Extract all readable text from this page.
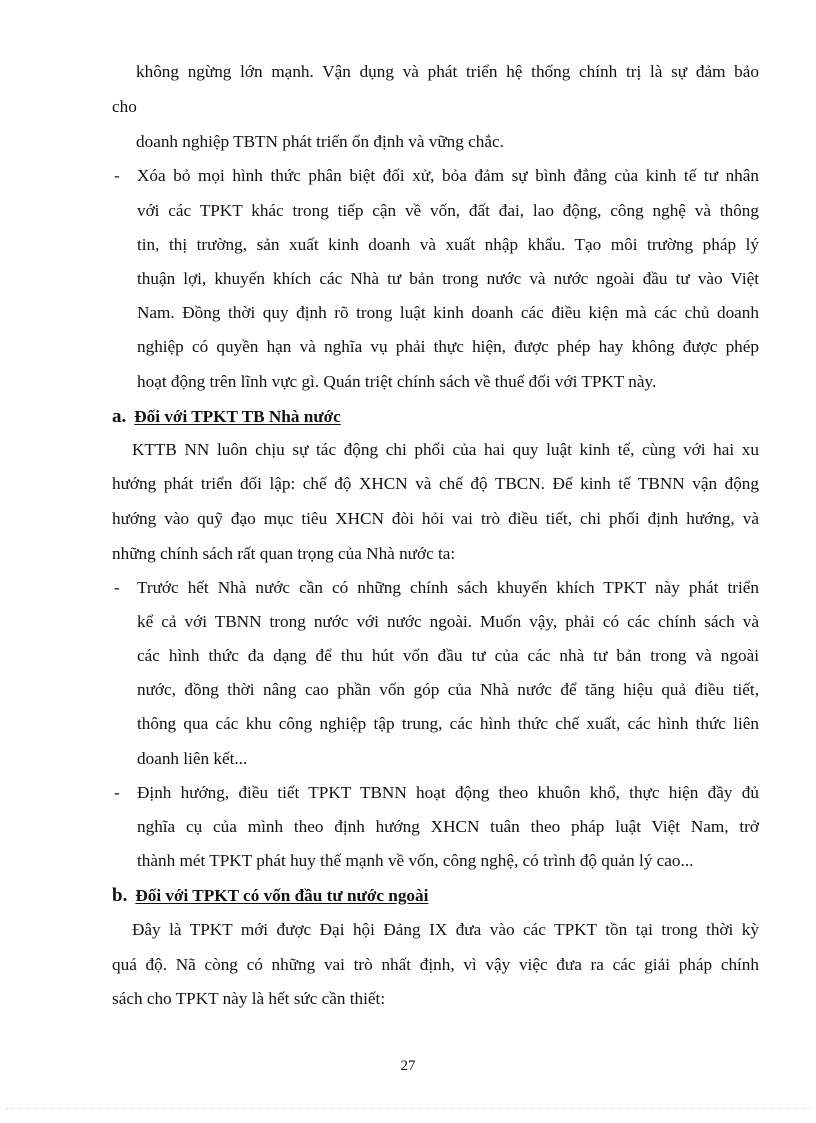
không ngừng lớn mạnh. Vận dụng và phát triển hệ thống chính trị là sự đảm bảo
cho
doanh nghiệp TBTN phát triển ổn định và vững chắc.
- Xóa bỏ mọi hình thức phân biệt đối xử, bỏa đảm sự bình đẳng của kinh tế tư nhân
với các TPKT khác trong tiếp cận về vốn, đất đai, lao động, công nghệ và thông
tin, thị trường, sản xuất kinh doanh và xuất nhập khẩu. Tạo môi trường pháp lý
thuận lợi, khuyến khích các Nhà tư bản trong nước và nước ngoài đầu tư vào Việt
Nam. Đồng thời quy định rõ trong luật kinh doanh các điều kiện mà các chủ doanh
nghiệp có quyền hạn và nghĩa vụ phải thực hiện, được phép hay không được phép
hoạt động trên lĩnh vực gì. Quán triệt chính sách về thuế đối với TPKT này.
a. Đối với TPKT TB Nhà nước
KTTB NN luôn chịu sự tác động chi phối của hai quy luật kinh tế, cùng với hai xu
hướng phát triển đối lập: chế độ XHCN và chế độ TBCN. Để kinh tế TBNN vận động
hướng vào quỹ đạo mục tiêu XHCN đòi hỏi vai trò điều tiết, chi phối định hướng, và
những chính sách rất quan trọng của Nhà nước ta:
- Trước hết Nhà nước cần có những chính sách khuyến khích TPKT này phát triển
kể cả với TBNN trong nước với nước ngoài. Muốn vậy, phải có các chính sách và
các hình thức đa dạng để thu hút vốn đầu tư của các nhà tư bản trong và ngoài
nước, đồng thời nâng cao phần vốn góp của Nhà nước để tăng hiệu quả điều tiết,
thông qua các khu công nghiệp tập trung, các hình thức chế xuất, các hình thức liên
doanh liên kết...
- Định hướng, điều tiết TPKT TBNN hoạt động theo khuôn khổ, thực hiện đầy đủ
nghĩa cụ của mình theo định hướng XHCN tuân theo pháp luật Việt Nam, trở
thành mét TPKT phát huy thế mạnh về vốn, công nghệ, có trình độ quản lý cao...
b. Đối với TPKT có vốn đầu tư nước ngoài
Đây là TPKT mới được Đại hội Đảng IX đưa vào các TPKT tồn tại trong thời kỳ
quá độ. Nã còng có những vai trò nhất định, vì vậy việc đưa ra các giải pháp chính
sách cho TPKT này là hết sức cần thiết:
27
